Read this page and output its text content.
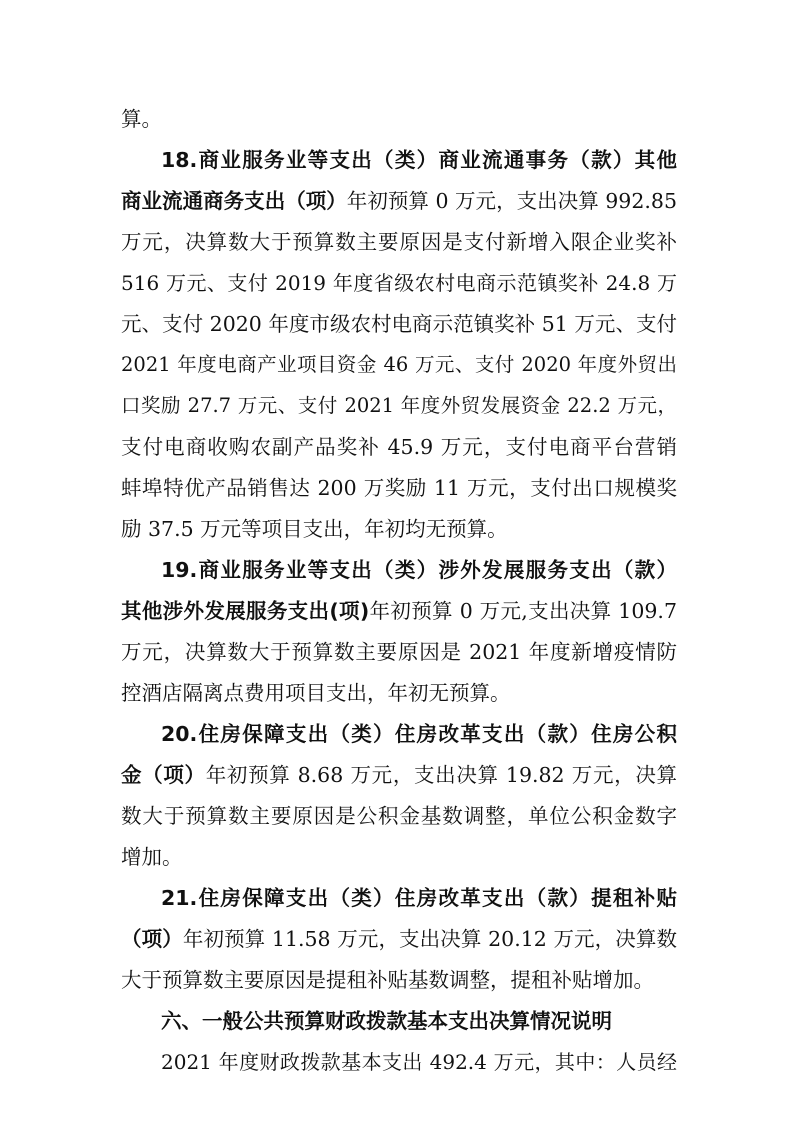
算。
18.商业服务业等支出（类）商业流通事务（款）其他
商业流通商务支出（项）年初预算 0 万元，支出决算 992.85
万元，决算数大于预算数主要原因是支付新增入限企业奖补
516 万元、支付 2019 年度省级农村电商示范镇奖补 24.8 万
元、支付 2020 年度市级农村电商示范镇奖补 51 万元、支付
2021 年度电商产业项目资金 46 万元、支付 2020 年度外贸出
口奖励 27.7 万元、支付 2021 年度外贸发展资金 22.2 万元，
支付电商收购农副产品奖补 45.9 万元，支付电商平台营销
蚌埠特优产品销售达 200 万奖励 11 万元，支付出口规模奖
励 37.5 万元等项目支出，年初均无预算。
19.商业服务业等支出（类）涉外发展服务支出（款）
其他涉外发展服务支出(项)年初预算 0 万元,支出决算 109.7
万元，决算数大于预算数主要原因是 2021 年度新增疫情防
控酒店隔离点费用项目支出，年初无预算。
20.住房保障支出（类）住房改革支出（款）住房公积
金（项）年初预算 8.68 万元，支出决算 19.82 万元，决算
数大于预算数主要原因是公积金基数调整，单位公积金数字
增加。
21.住房保障支出（类）住房改革支出（款）提租补贴
（项）年初预算 11.58 万元，支出决算 20.12 万元，决算数
大于预算数主要原因是提租补贴基数调整，提租补贴增加。
六、一般公共预算财政拨款基本支出决算情况说明
2021 年度财政拨款基本支出 492.4 万元，其中：人员经
